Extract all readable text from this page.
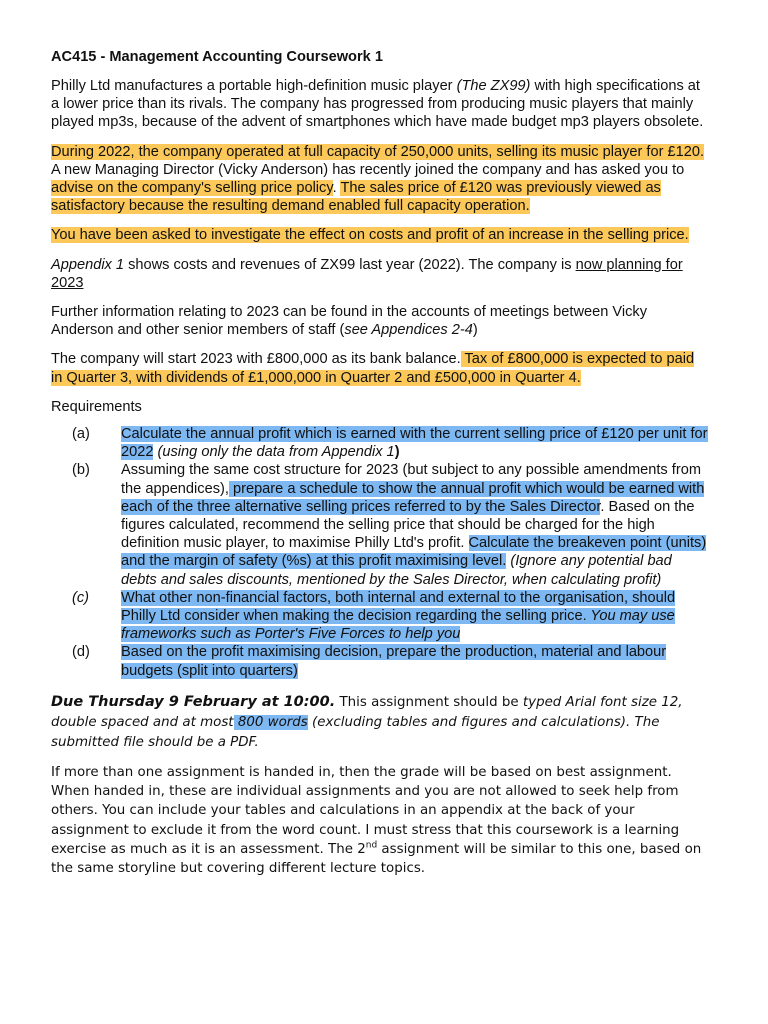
AC415 - Management Accounting Coursework 1

Philly Ltd manufactures a portable high-definition music player (The ZX99) with high specifications at a lower price than its rivals. The company has progressed from producing music players that mainly played mp3s, because of the advent of smartphones which have made budget mp3 players obsolete.

During 2022, the company operated at full capacity of 250,000 units, selling its music player for £120. A new Managing Director (Vicky Anderson) has recently joined the company and has asked you to advise on the company's selling price policy. The sales price of £120 was previously viewed as satisfactory because the resulting demand enabled full capacity operation.

You have been asked to investigate the effect on costs and profit of an increase in the selling price.

Appendix 1 shows costs and revenues of ZX99 last year (2022). The company is now planning for 2023

Further information relating to 2023 can be found in the accounts of meetings between Vicky Anderson and other senior members of staff (see Appendices 2-4)

The company will start 2023 with £800,000 as its bank balance. Tax of £800,000 is expected to paid in Quarter 3, with dividends of £1,000,000 in Quarter 2 and £500,000 in Quarter 4.

Requirements

(a)	Calculate the annual profit which is earned with the current selling price of £120 per unit for 2022 (using only the data from Appendix 1)
(b)	Assuming the same cost structure for 2023 (but subject to any possible amendments from the appendices), prepare a schedule to show the annual profit which would be earned with each of the three alternative selling prices referred to by the Sales Director. Based on the figures calculated, recommend the selling price that should be charged for the high definition music player, to maximise Philly Ltd's profit. Calculate the breakeven point (units) and the margin of safety (%s) at this profit maximising level. (Ignore any potential bad debts and sales discounts, mentioned by the Sales Director, when calculating profit)
(c)	What other non-financial factors, both internal and external to the organisation, should Philly Ltd consider when making the decision regarding the selling price. You may use frameworks such as Porter's Five Forces to help you
(d)	Based on the profit maximising decision, prepare the production, material and labour budgets (split into quarters)

Due Thursday 9 February at 10:00. This assignment should be typed Arial font size 12, double spaced and at most 800 words (excluding tables and figures and calculations). The submitted file should be a PDF.

If more than one assignment is handed in, then the grade will be based on best assignment. When handed in, these are individual assignments and you are not allowed to seek help from others. You can include your tables and calculations in an appendix at the back of your assignment to exclude it from the word count. I must stress that this coursework is a learning exercise as much as it is an assessment. The 2nd assignment will be similar to this one, based on the same storyline but covering different lecture topics.
